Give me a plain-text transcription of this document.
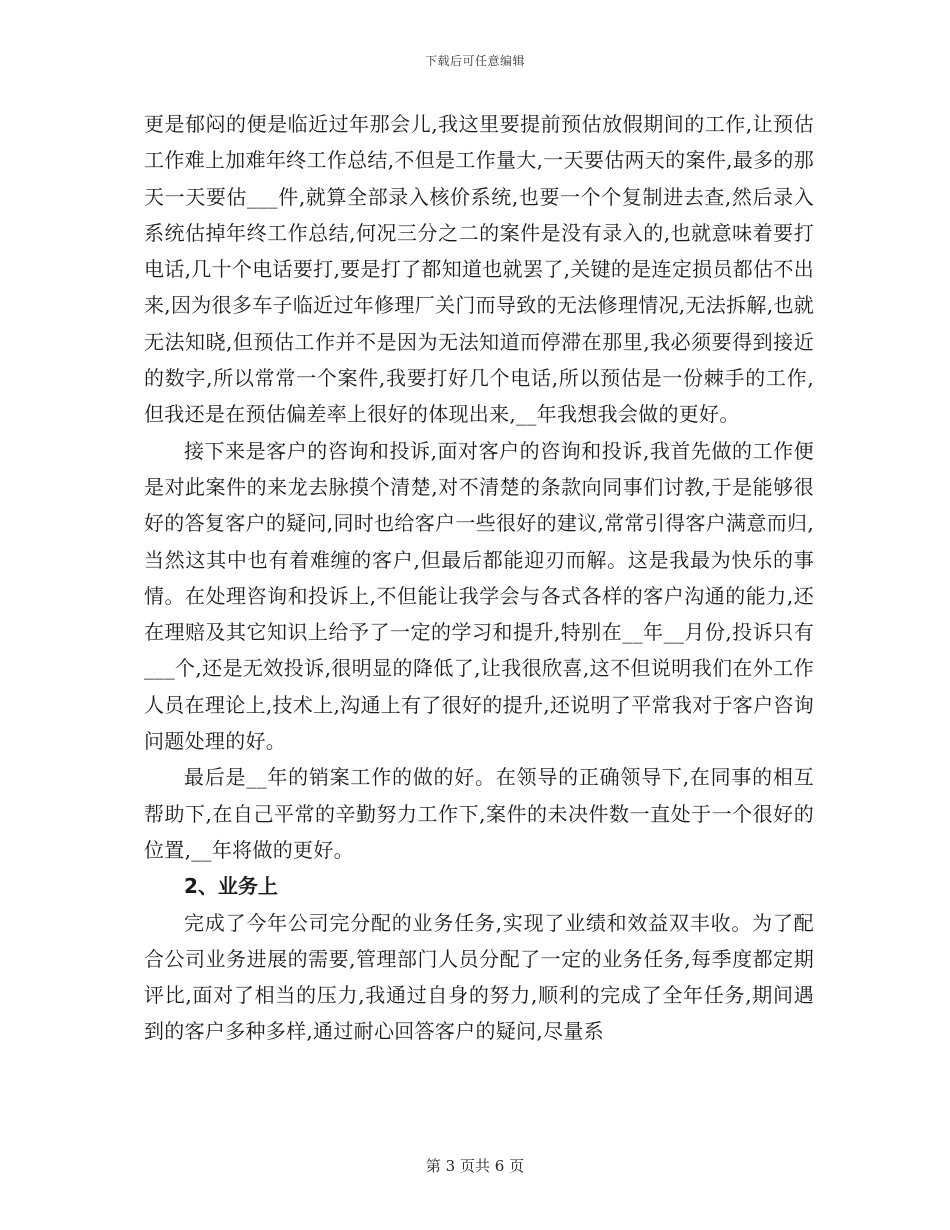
下载后可任意编辑

更是郁闷的便是临近过年那会儿,我这里要提前预估放假期间的工作,让预估工作难上加难年终工作总结,不但是工作量大,一天要估两天的案件,最多的那天一天要估___件,就算全部录入核价系统,也要一个个复制进去查,然后录入系统估掉年终工作总结,何况三分之二的案件是没有录入的,也就意味着要打电话,几十个电话要打,要是打了都知道也就罢了,关键的是连定损员都估不出来,因为很多车子临近过年修理厂关门而导致的无法修理情况,无法拆解,也就无法知晓,但预估工作并不是因为无法知道而停滞在那里,我必须要得到接近的数字,所以常常一个案件,我要打好几个电话,所以预估是一份棘手的工作,但我还是在预估偏差率上很好的体现出来,__年我想我会做的更好。

接下来是客户的咨询和投诉,面对客户的咨询和投诉,我首先做的工作便是对此案件的来龙去脉摸个清楚,对不清楚的条款向同事们讨教,于是能够很好的答复客户的疑问,同时也给客户一些很好的建议,常常引得客户满意而归,当然这其中也有着难缠的客户,但最后都能迎刃而解。这是我最为快乐的事情。在处理咨询和投诉上,不但能让我学会与各式各样的客户沟通的能力,还在理赔及其它知识上给予了一定的学习和提升,特别在__年__月份,投诉只有___个,还是无效投诉,很明显的降低了,让我很欣喜,这不但说明我们在外工作人员在理论上,技术上,沟通上有了很好的提升,还说明了平常我对于客户咨询问题处理的好。

最后是__年的销案工作的做的好。在领导的正确领导下,在同事的相互帮助下,在自己平常的辛勤努力工作下,案件的未决件数一直处于一个很好的位置,__年将做的更好。

2、业务上

完成了今年公司完分配的业务任务,实现了业绩和效益双丰收。为了配合公司业务进展的需要,管理部门人员分配了一定的业务任务,每季度都定期评比,面对了相当的压力,我通过自身的努力,顺利的完成了全年任务,期间遇到的客户多种多样,通过耐心回答客户的疑问,尽量系

第 3 页共 6 页
